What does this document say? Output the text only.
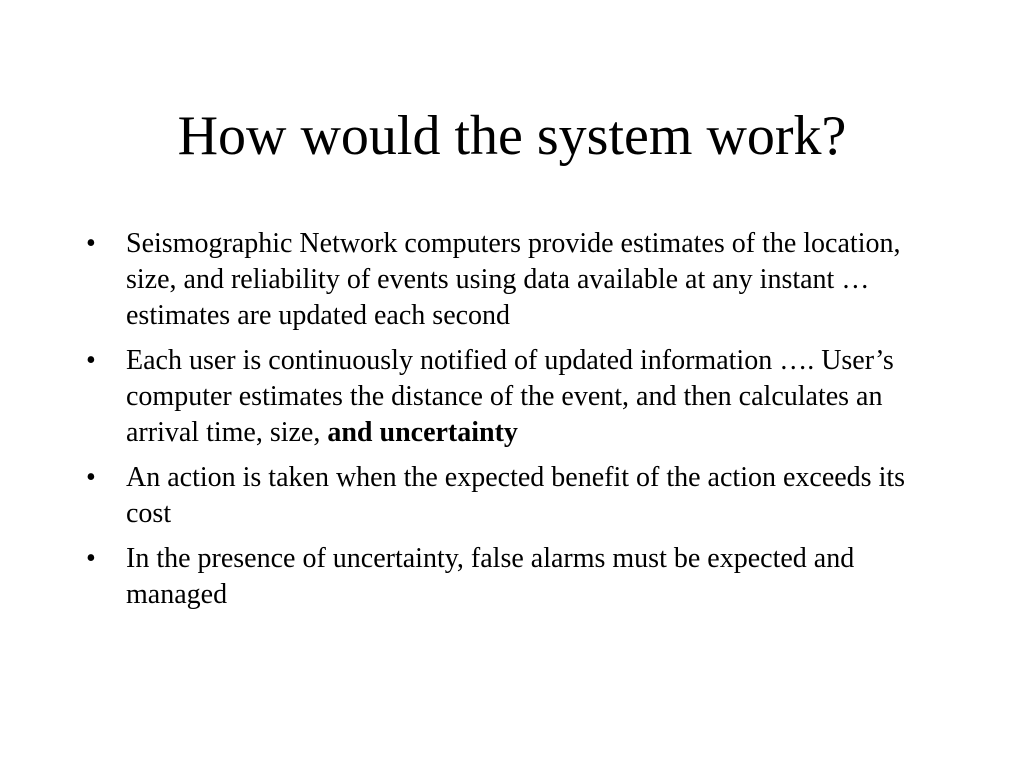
How would the system work?
•	Seismographic Network computers provide estimates of the location, size, and reliability of events using data available at any instant … estimates are updated each second
•	Each user is continuously notified of updated information …. User’s computer estimates the distance of the event, and then calculates an arrival time, size, and uncertainty
•	An action is taken when the expected benefit of the action exceeds its cost
•	In the presence of uncertainty, false alarms must be expected and managed
